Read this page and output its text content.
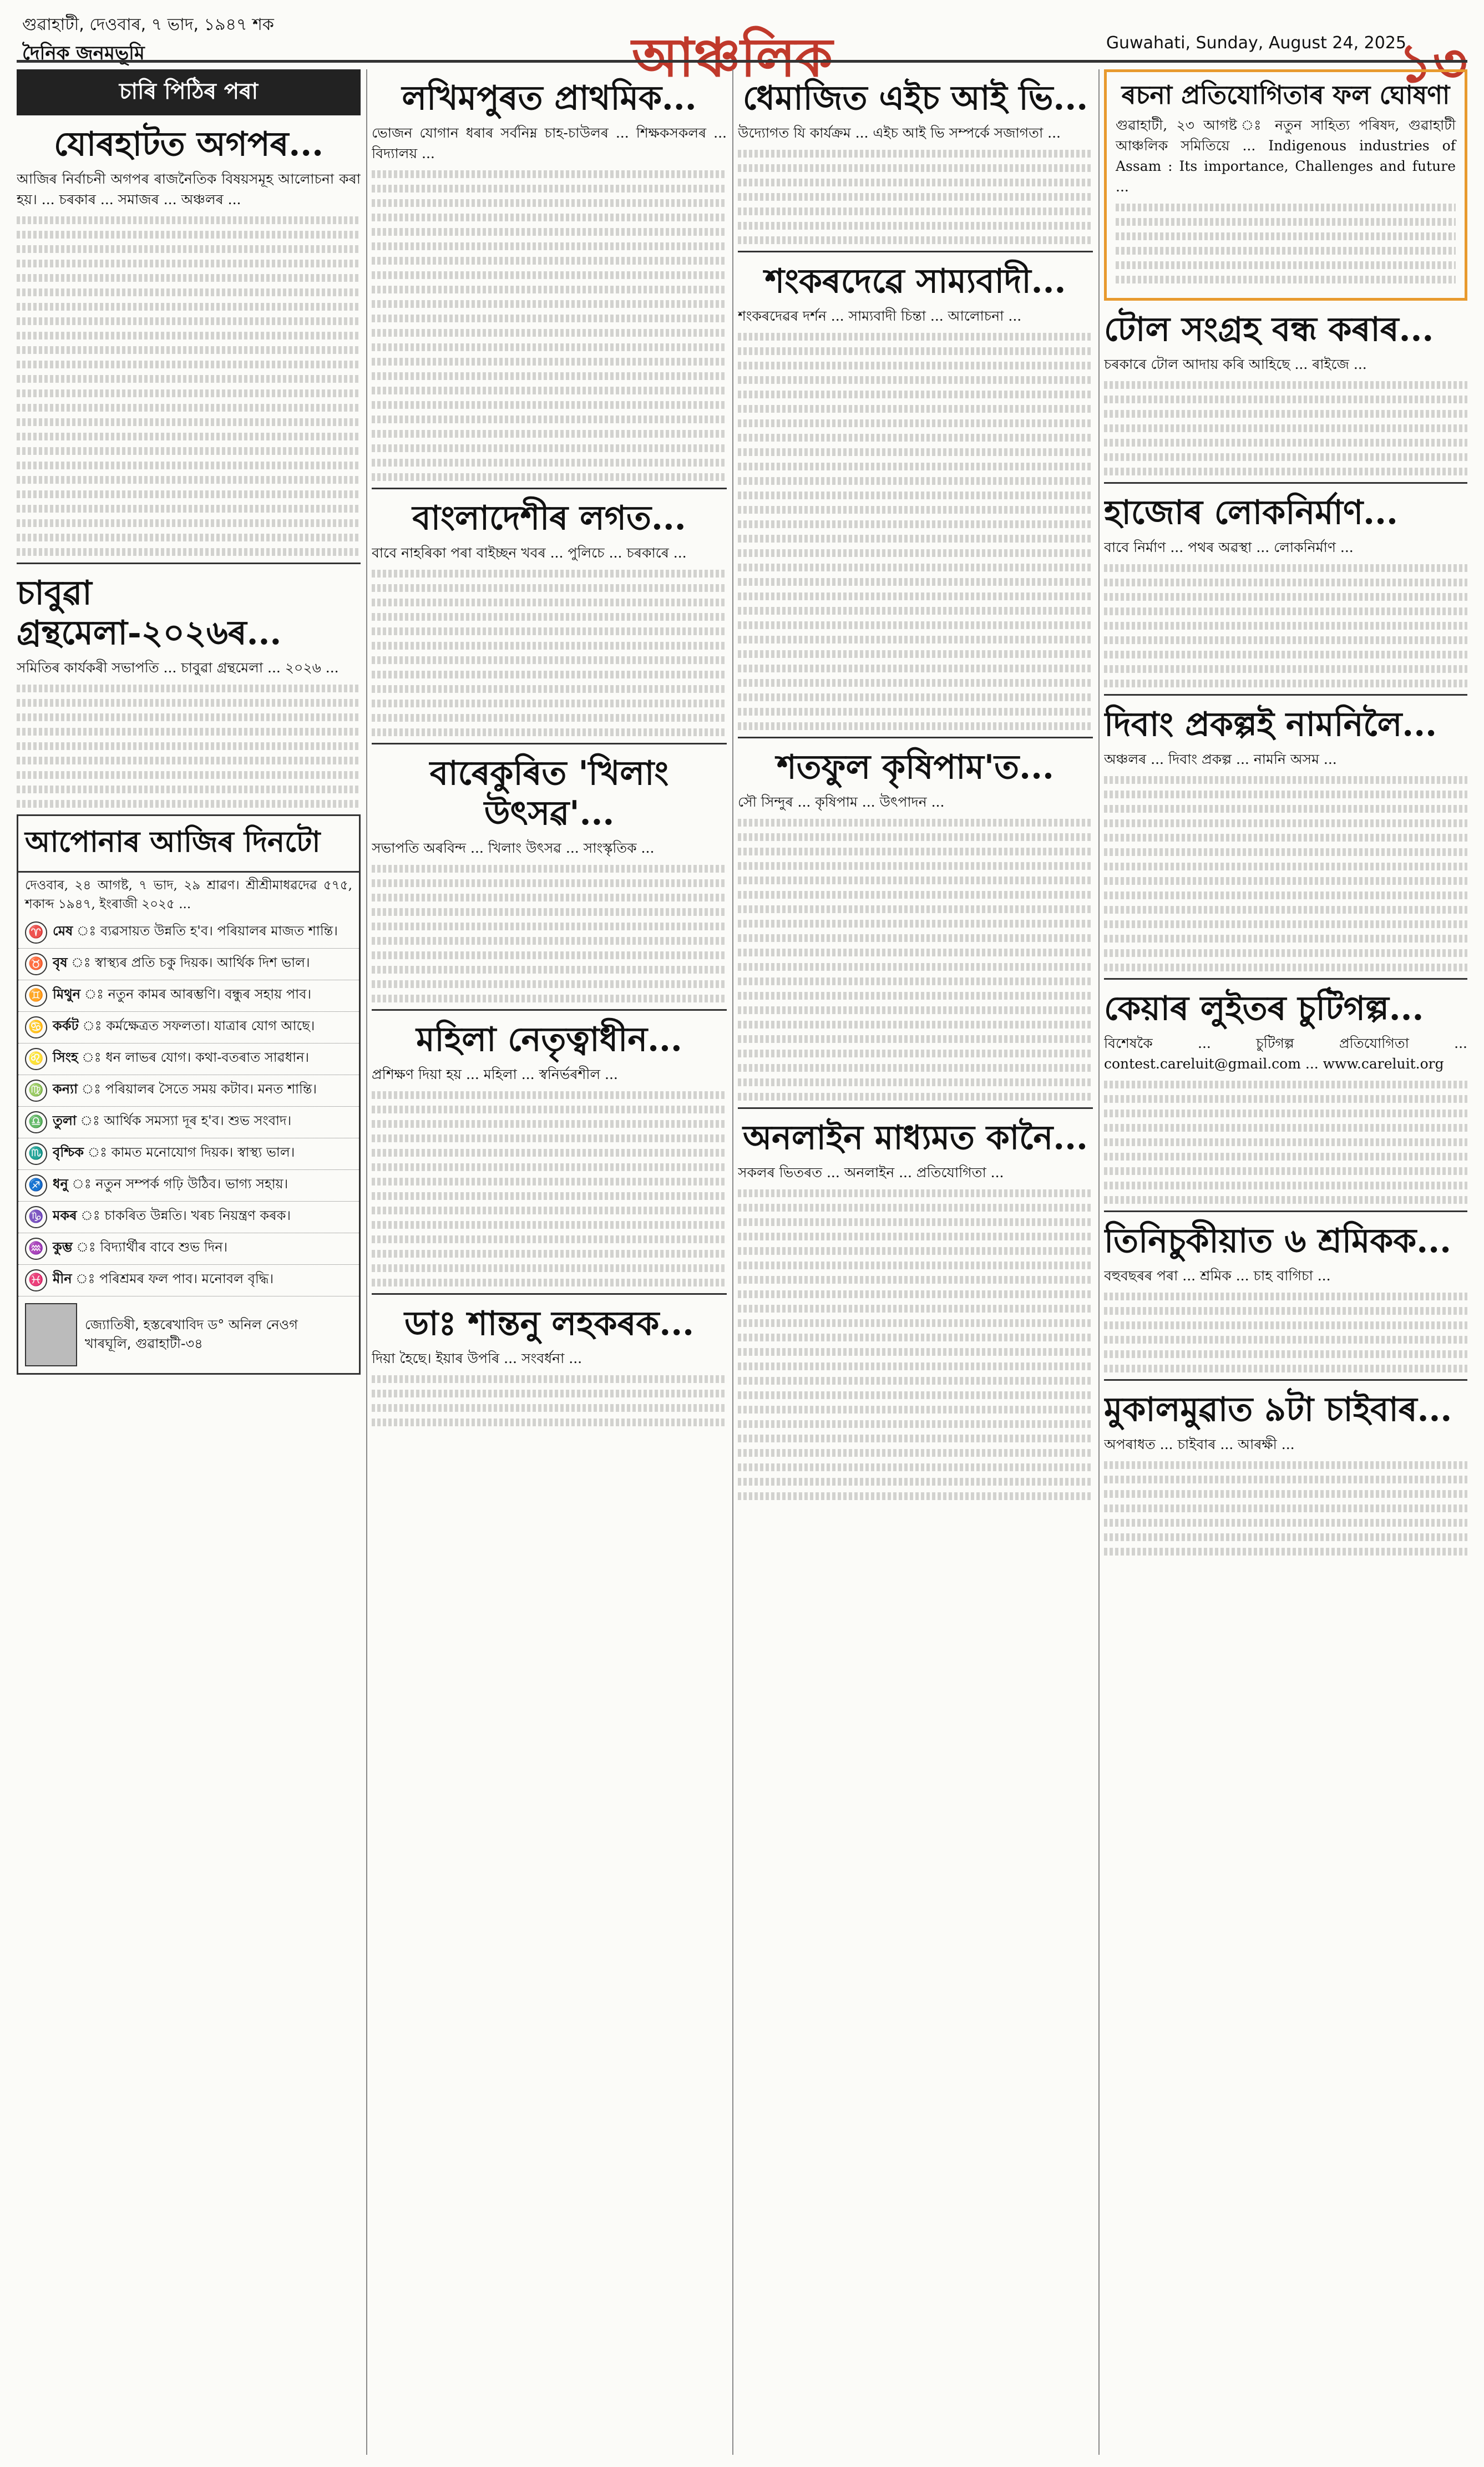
গুৱাহাটী, দেওবাৰ, ৭ ভাদ, ১৯৪৭ শক
দৈনিক জনমভূমি	আঞ্চলিক	Guwahati, Sunday, August 24, 2025
১৩
চাৰি পিঠিৰ পৰা
যোৰহাটত অগপৰ...

আজিৰ নিৰ্বাচনী অগপৰ ৰাজনৈতিক বিষয়সমূহ আলোচনা কৰা হয়। ... চৰকাৰ ... সমাজৰ ... অঞ্চলৰ ...

চাবুৱা গ্ৰন্থমেলা-২০২৬ৰ...

সমিতিৰ কাৰ্যকৰী সভাপতি ... চাবুৱা গ্ৰন্থমেলা ... ২০২৬ ...

আপোনাৰ আজিৰ দিনটো
দেওবাৰ, ২৪ আগষ্ট, ৭ ভাদ, ২৯ শ্ৰাৱণ। শ্ৰীশ্ৰীমাধৱদেৱ ৫৭৫, শকাব্দ ১৯৪৭, ইংৰাজী ২০২৫ ...
♈ মেষ ঃ ব্যৱসায়ত উন্নতি হ'ব। পৰিয়ালৰ মাজত শান্তি।
♉ বৃষ ঃ স্বাস্থ্যৰ প্ৰতি চকু দিয়ক। আৰ্থিক দিশ ভাল।
♊ মিথুন ঃ নতুন কামৰ আৰম্ভণি। বন্ধুৰ সহায় পাব।
♋ কৰ্কট ঃ কৰ্মক্ষেত্ৰত সফলতা। যাত্ৰাৰ যোগ আছে।
♌ সিংহ ঃ ধন লাভৰ যোগ। কথা-বতৰাত সাৱধান।
♍ কন্যা ঃ পৰিয়ালৰ সৈতে সময় কটাব। মনত শান্তি।
♎ তুলা ঃ আৰ্থিক সমস্যা দূৰ হ'ব। শুভ সংবাদ।
♏ বৃশ্চিক ঃ কামত মনোযোগ দিয়ক। স্বাস্থ্য ভাল।
♐ ধনু ঃ নতুন সম্পৰ্ক গঢ়ি উঠিব। ভাগ্য সহায়।
♑ মকৰ ঃ চাকৰিত উন্নতি। খৰচ নিয়ন্ত্ৰণ কৰক।
♒ কুম্ভ ঃ বিদ্যাৰ্থীৰ বাবে শুভ দিন।
♓ মীন ঃ পৰিশ্ৰমৰ ফল পাব। মনোবল বৃদ্ধি।
জ্যোতিষী, হস্তৰেখাবিদ ড° অনিল নেওগ
খাৰঘূলি, গুৱাহাটী-৩৪
লখিমপুৰত প্ৰাথমিক...

ভোজন যোগান ধৰাৰ সৰ্বনিম্ন চাহ-চাউলৰ ... শিক্ষকসকলৰ ... বিদ্যালয় ...

বাংলাদেশীৰ লগত...

বাবে নাহৰিকা পৰা বাইচ্ছন খবৰ ... পুলিচে ... চৰকাৰে ...

বাৰেকুৰিত 'খিলাং উৎসৱ'...

সভাপতি অৰবিন্দ ... খিলাং উৎসৱ ... সাংস্কৃতিক ...

মহিলা নেতৃত্বাধীন...

প্ৰশিক্ষণ দিয়া হয় ... মহিলা ... স্বনিৰ্ভৰশীল ...

ডাঃ শান্তনু লহকৰক...

দিয়া হৈছে। ইয়াৰ উপৰি ... সংবৰ্ধনা ...

ধেমাজিত এইচ আই ভি...

উদ্যোগত যি কাৰ্যক্ৰম ... এইচ আই ভি সম্পৰ্কে সজাগতা ...

শংকৰদেৱে সাম্যবাদী...

শংকৰদেৱৰ দৰ্শন ... সাম্যবাদী চিন্তা ... আলোচনা ...

শতফুল কৃষিপাম'ত...

সৌ সিন্দুৰ ... কৃষিপাম ... উৎপাদন ...

অনলাইন মাধ্যমত কানৈ...

সকলৰ ভিতৰত ... অনলাইন ... প্ৰতিযোগিতা ...

ৰচনা প্ৰতিযোগিতাৰ ফল ঘোষণা

গুৱাহাটী, ২৩ আগষ্ট ঃ নতুন সাহিত্য পৰিষদ, গুৱাহাটী আঞ্চলিক সমিতিয়ে ... Indigenous industries of Assam : Its importance, Challenges and future ...

টোল সংগ্ৰহ বন্ধ কৰাৰ...

চৰকাৰে টোল আদায় কৰি আহিছে ... ৰাইজে ...

হাজোৰ লোকনিৰ্মাণ...

বাবে নিৰ্মাণ ... পথৰ অৱস্থা ... লোকনিৰ্মাণ ...

দিবাং প্ৰকল্পই নামনিলৈ...

অঞ্চলৰ ... দিবাং প্ৰকল্প ... নামনি অসম ...

কেয়াৰ লুইতৰ চুটিগল্প...

বিশেষকৈ ... চুটিগল্প প্ৰতিযোগিতা ... contest.careluit@gmail.com ... www.careluit.org

তিনিচুকীয়াত ৬ শ্ৰমিকক...

বহুবছৰৰ পৰা ... শ্ৰমিক ... চাহ বাগিচা ...

মুকালমুৱাত ৯টা চাইবাৰ...

অপৰাধত ... চাইবাৰ ... আৰক্ষী ...
